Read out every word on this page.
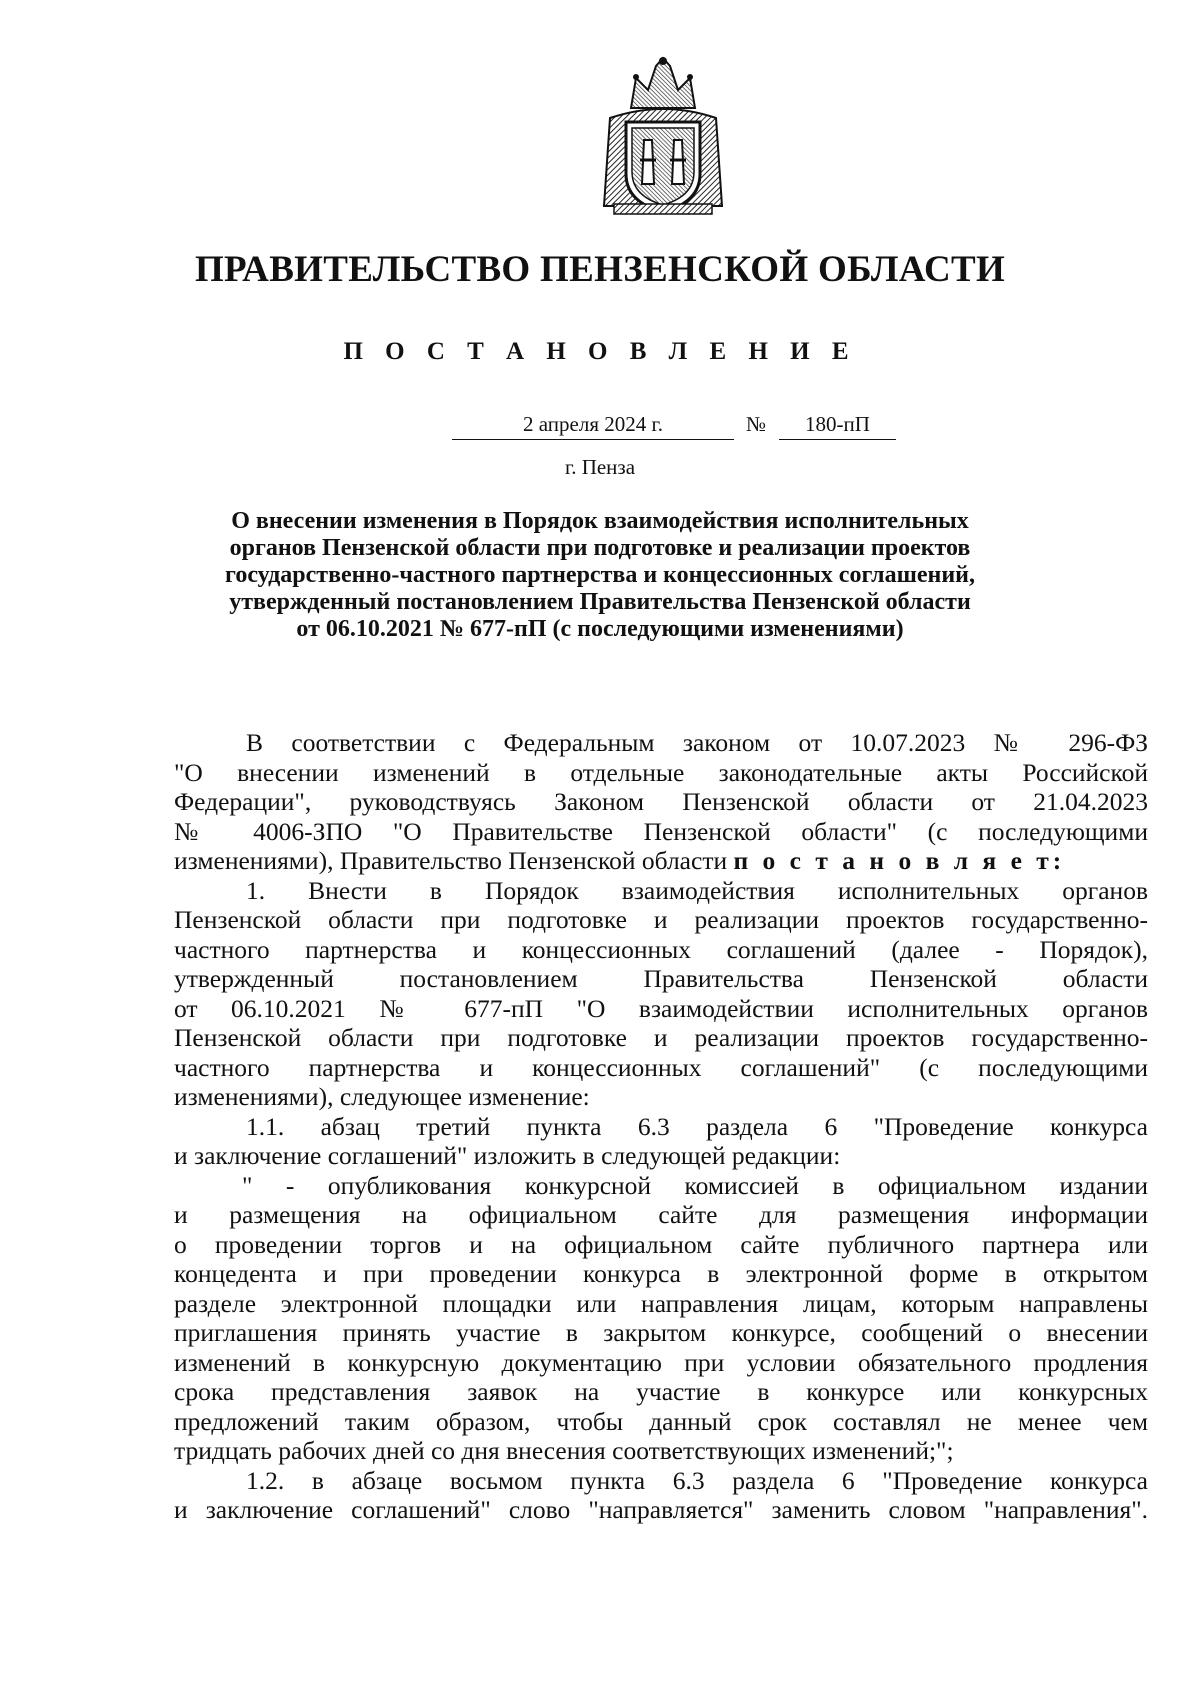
ПРАВИТЕЛЬСТВО ПЕНЗЕНСКОЙ ОБЛАСТИ
П О С Т А Н О В Л Е Н И Е
2 апреля 2024 г.	№	180-пП
г. Пенза
О внесении изменения в Порядок взаимодействия исполнительных
органов Пензенской области при подготовке и реализации проектов
государственно-частного партнерства и концессионных соглашений,
утвержденный постановлением Правительства Пензенской области
от 06.10.2021 № 677-пП (с последующими изменениями)
В соответствии с Федеральным законом от 10.07.2023 № 296-ФЗ
"О внесении изменений в отдельные законодательные акты Российской
Федерации", руководствуясь Законом Пензенской области от 21.04.2023
№ 4006-ЗПО "О Правительстве Пензенской области" (с последующими
изменениями), Правительство Пензенской области п о с т а н о в л я е т:
1. Внести в Порядок взаимодействия исполнительных органов
Пензенской области при подготовке и реализации проектов государственно-
частного партнерства и концессионных соглашений (далее - Порядок),
утвержденный постановлением Правительства Пензенской области
от 06.10.2021 № 677-пП "О взаимодействии исполнительных органов
Пензенской области при подготовке и реализации проектов государственно-
частного партнерства и концессионных соглашений" (с последующими
изменениями), следующее изменение:
1.1. абзац третий пункта 6.3 раздела 6 "Проведение конкурса
и заключение соглашений" изложить в следующей редакции:
" - опубликования конкурсной комиссией в официальном издании
и размещения на официальном сайте для размещения информации
о проведении торгов и на официальном сайте публичного партнера или
концедента и при проведении конкурса в электронной форме в открытом
разделе электронной площадки или направления лицам, которым направлены
приглашения принять участие в закрытом конкурсе, сообщений о внесении
изменений в конкурсную документацию при условии обязательного продления
срока представления заявок на участие в конкурсе или конкурсных
предложений таким образом, чтобы данный срок составлял не менее чем
тридцать рабочих дней со дня внесения соответствующих изменений;";
1.2. в абзаце восьмом пункта 6.3 раздела 6 "Проведение конкурса
и заключение соглашений" слово "направляется" заменить словом "направления".
